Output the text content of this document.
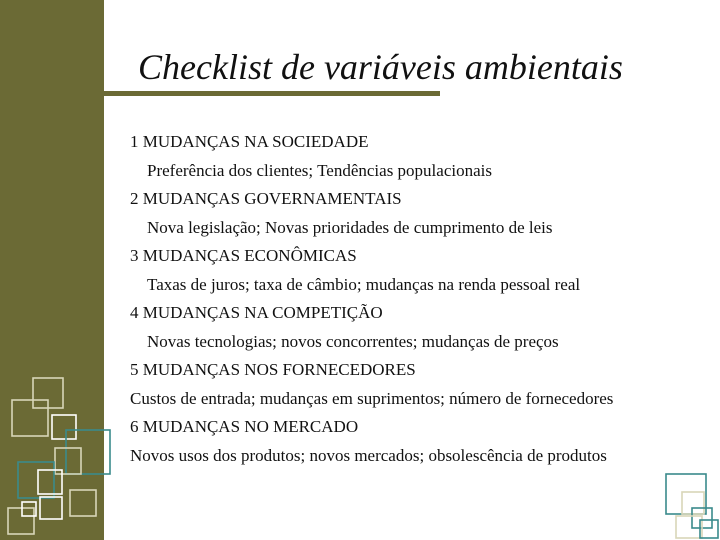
Checklist de variáveis ambientais
1 MUDANÇAS NA SOCIEDADE
Preferência dos clientes; Tendências populacionais
2 MUDANÇAS GOVERNAMENTAIS
Nova legislação; Novas prioridades de cumprimento de leis
3 MUDANÇAS ECONÔMICAS
Taxas de juros; taxa de câmbio; mudanças na renda pessoal real
4 MUDANÇAS NA COMPETIÇÃO
Novas tecnologias; novos concorrentes; mudanças de preços
5 MUDANÇAS NOS FORNECEDORES
Custos de entrada; mudanças em suprimentos; número de fornecedores
6 MUDANÇAS NO MERCADO
Novos usos dos produtos; novos mercados; obsolescência de produtos
